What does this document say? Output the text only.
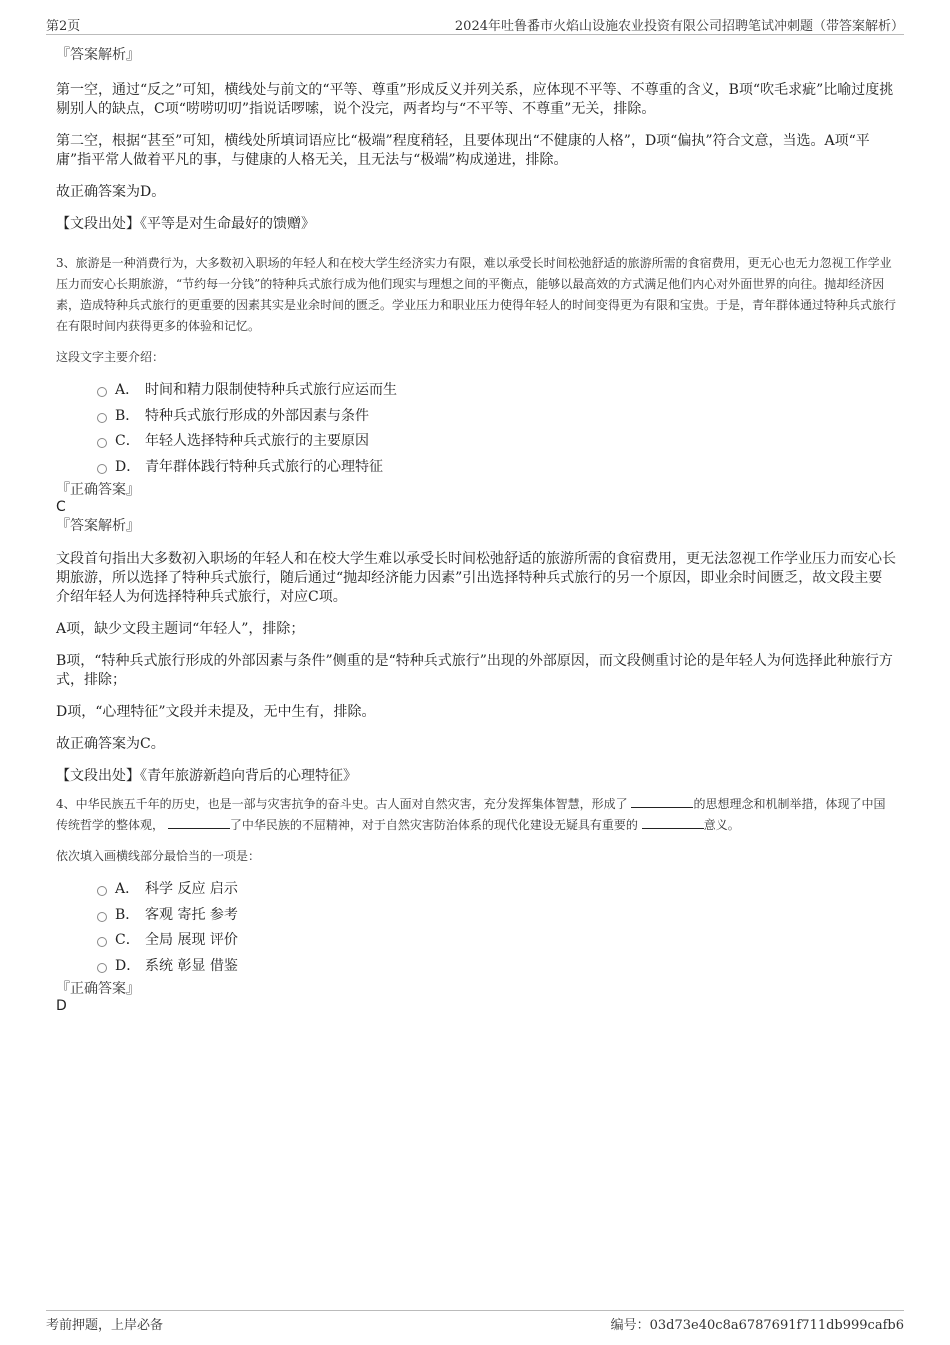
第2页	2024年吐鲁番市火焰山设施农业投资有限公司招聘笔试冲刺题（带答案解析）

『答案解析』

第一空，通过“反之”可知，横线处与前文的“平等、尊重”形成反义并列关系，应体现不平等、不尊重的含义，B项“吹毛求疵”比喻过度挑剔别人的缺点，C项“唠唠叨叨”指说话啰嗦，说个没完，两者均与“不平等、不尊重”无关，排除。

第二空，根据“甚至”可知，横线处所填词语应比“极端”程度稍轻，且要体现出“不健康的人格”，D项“偏执”符合文意，当选。A项“平庸”指平常人做着平凡的事，与健康的人格无关，且无法与“极端”构成递进，排除。

故正确答案为D。

【文段出处】《平等是对生命最好的馈赠》

3、旅游是一种消费行为，大多数初入职场的年轻人和在校大学生经济实力有限，难以承受长时间松弛舒适的旅游所需的食宿费用，更无心也无力忽视工作学业压力而安心长期旅游，“节约每一分钱”的特种兵式旅行成为他们现实与理想之间的平衡点，能够以最高效的方式满足他们内心对外面世界的向往。抛却经济因素，造成特种兵式旅行的更重要的因素其实是业余时间的匮乏。学业压力和职业压力使得年轻人的时间变得更为有限和宝贵。于是，青年群体通过特种兵式旅行在有限时间内获得更多的体验和记忆。

这段文字主要介绍：

A． 时间和精力限制使特种兵式旅行应运而生
B． 特种兵式旅行形成的外部因素与条件
C． 年轻人选择特种兵式旅行的主要原因
D． 青年群体践行特种兵式旅行的心理特征

『正确答案』

C

『答案解析』

文段首句指出大多数初入职场的年轻人和在校大学生难以承受长时间松弛舒适的旅游所需的食宿费用，更无法忽视工作学业压力而安心长期旅游，所以选择了特种兵式旅行，随后通过“抛却经济能力因素”引出选择特种兵式旅行的另一个原因，即业余时间匮乏，故文段主要介绍年轻人为何选择特种兵式旅行，对应C项。

A项，缺少文段主题词“年轻人”，排除；

B项，“特种兵式旅行形成的外部因素与条件”侧重的是“特种兵式旅行”出现的外部原因，而文段侧重讨论的是年轻人为何选择此种旅行方式，排除；

D项，“心理特征”文段并未提及，无中生有，排除。

故正确答案为C。

【文段出处】《青年旅游新趋向背后的心理特征》

4、中华民族五千年的历史，也是一部与灾害抗争的奋斗史。古人面对自然灾害，充分发挥集体智慧，形成了	的思想理念和机制举措，体现了中国传统哲学的整体观，	了中华民族的不屈精神，对于自然灾害防治体系的现代化建设无疑具有重要的	意义。

依次填入画横线部分最恰当的一项是：

A． 科学 反应 启示
B． 客观 寄托 参考
C． 全局 展现 评价
D． 系统 彰显 借鉴

『正确答案』

D

考前押题，上岸必备	编号：03d73e40c8a6787691f711db999cafb6
